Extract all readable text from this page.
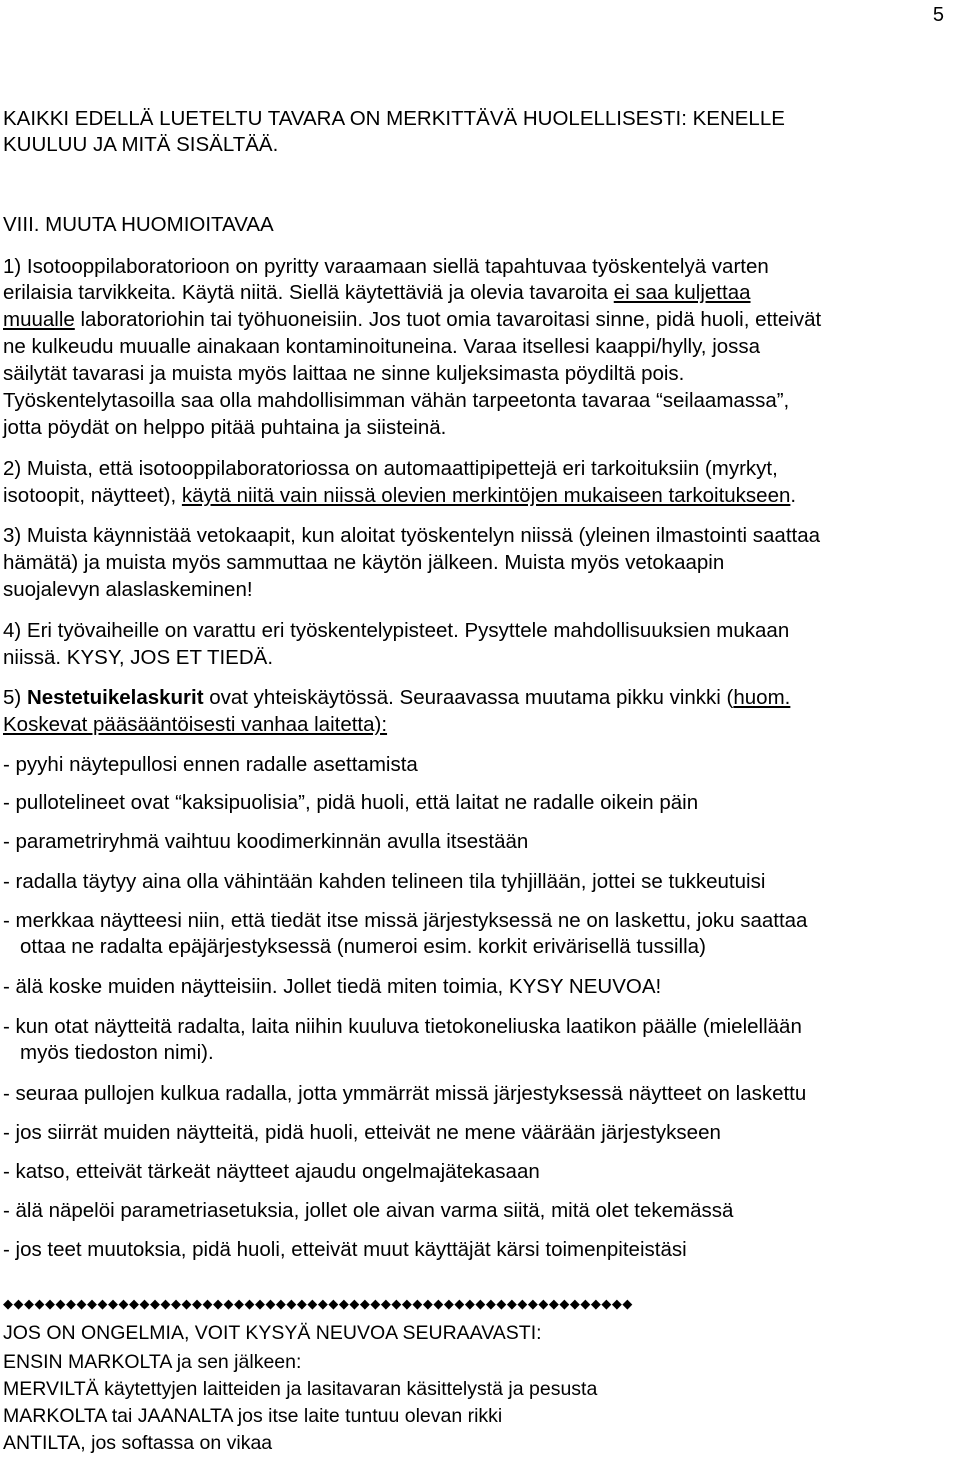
5
KAIKKI EDELLÄ LUETELTU TAVARA ON MERKITTÄVÄ HUOLELLISESTI: KENELLE
KUULUU JA MITÄ SISÄLTÄÄ.
VIII. MUUTA HUOMIOITAVAA
1) Isotooppilaboratorioon on pyritty varaamaan siellä tapahtuvaa työskentelyä varten
erilaisia tarvikkeita. Käytä niitä. Siellä käytettäviä ja olevia tavaroita ei saa kuljettaa
muualle laboratoriohin tai työhuoneisiin. Jos tuot omia tavaroitasi sinne, pidä huoli, etteivät
ne kulkeudu muualle ainakaan kontaminoituneina. Varaa itsellesi kaappi/hylly, jossa
säilytät tavarasi ja muista myös laittaa ne sinne kuljeksimasta pöydiltä pois.
Työskentelytasoilla saa olla mahdollisimman vähän tarpeetonta tavaraa “seilaamassa”,
jotta pöydät on helppo pitää puhtaina ja siisteinä.
2) Muista, että isotooppilaboratoriossa on automaattipipettejä eri tarkoituksiin (myrkyt,
isotoopit, näytteet), käytä niitä vain niissä olevien merkintöjen mukaiseen tarkoitukseen.
3) Muista käynnistää vetokaapit, kun aloitat työskentelyn niissä (yleinen ilmastointi saattaa
hämätä) ja muista myös sammuttaa ne käytön jälkeen. Muista myös vetokaapin
suojalevyn alaslaskeminen!
4) Eri työvaiheille on varattu eri työskentelypisteet. Pysyttele mahdollisuuksien mukaan
niissä. KYSY, JOS ET TIEDÄ.
5) Nestetuikelaskurit ovat yhteiskäytössä. Seuraavassa muutama pikku vinkki (huom.
Koskevat pääsääntöisesti vanhaa laitetta):
- pyyhi näytepullosi ennen radalle asettamista
- pullotelineet ovat “kaksipuolisia”, pidä huoli, että laitat ne radalle oikein päin
- parametriryhmä vaihtuu koodimerkinnän avulla itsestään
- radalla täytyy aina olla vähintään kahden telineen tila tyhjillään, jottei se tukkeutuisi
- merkkaa näytteesi niin, että tiedät itse missä järjestyksessä ne on laskettu, joku saattaa
ottaa ne radalta epäjärjestyksessä (numeroi esim. korkit erivärisellä tussilla)
- älä koske muiden näytteisiin. Jollet tiedä miten toimia, KYSY NEUVOA!
- kun otat näytteitä radalta, laita niihin kuuluva tietokoneliuska laatikon päälle (mielellään
myös tiedoston nimi).
- seuraa pullojen kulkua radalla, jotta ymmärrät missä järjestyksessä näytteet on laskettu
- jos siirrät muiden näytteitä, pidä huoli, etteivät ne mene väärään järjestykseen
- katso, etteivät tärkeät näytteet ajaudu ongelmajätekasaan
- älä näpelöi parametriasetuksia, jollet ole aivan varma siitä, mitä olet tekemässä
- jos teet muutoksia, pidä huoli, etteivät muut käyttäjät kärsi toimenpiteistäsi
◆◆◆◆◆◆◆◆◆◆◆◆◆◆◆◆◆◆◆◆◆◆◆◆◆◆◆◆◆◆◆◆◆◆◆◆◆◆◆◆◆◆◆◆◆◆◆◆◆◆◆◆◆◆◆◆◆◆◆◆
JOS ON ONGELMIA, VOIT KYSYÄ NEUVOA SEURAAVASTI:
ENSIN MARKOLTA ja sen jälkeen:
MERVILTÄ käytettyjen laitteiden ja lasitavaran käsittelystä ja pesusta
MARKOLTA tai JAANALTA jos itse laite tuntuu olevan rikki
ANTILTA, jos softassa on vikaa
